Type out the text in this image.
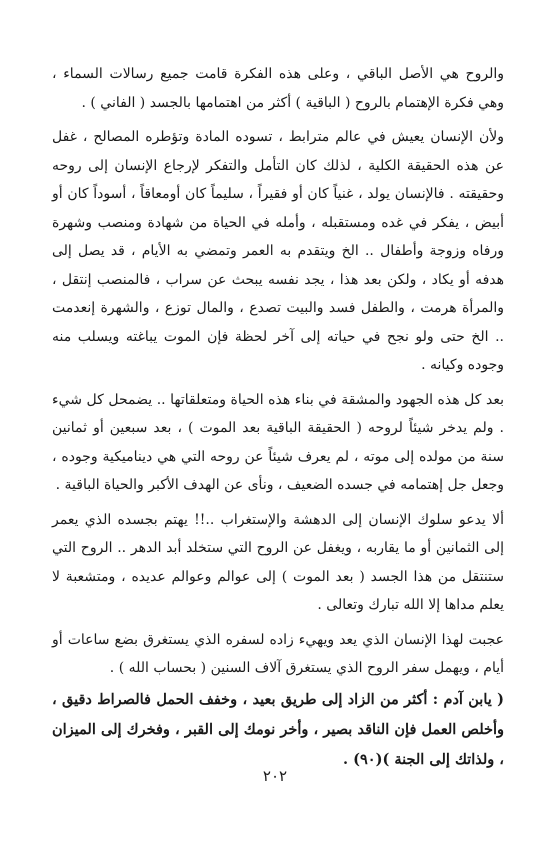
والروح هي الأصل الباقي ، وعلى هذه الفكرة قامت جميع رسالات السماء ، وهي فكرة الإهتمام بالروح ( الباقية ) أكثر من اهتمامها بالجسد ( الفاني ) .

ولأن الإنسان يعيش في عالم مترابط ، تسوده المادة وتؤطره المصالح ، غفل عن هذه الحقيقة الكلية ، لذلك كان التأمل والتفكر لإرجاع الإنسان إلى روحه وحقيقته . فالإنسان يولد ، غنياً كان أو فقيراً ، سليماً كان أومعاقاً ، أسوداً كان أو أبيض ، يفكر في غده ومستقبله ، وأمله في الحياة من شهادة ومنصب وشهرة ورفاه وزوجة وأطفال .. الخ ويتقدم به العمر وتمضي به الأيام ، قد يصل إلى هدفه أو يكاد ، ولكن بعد هذا ، يجد نفسه يبحث عن سراب ، فالمنصب إنتقل ، والمرأة هرمت ، والطفل فسد والبيت تصدع ، والمال توزع ، والشهرة إنعدمت .. الخ حتى ولو نجح في حياته إلى آخر لحظة فإن الموت يباغته ويسلب منه وجوده وكيانه .

بعد كل هذه الجهود والمشقة في بناء هذه الحياة ومتعلقاتها .. يضمحل كل شيء . ولم يدخر شيئاً لروحه ( الحقيقة الباقية بعد الموت ) ، بعد سبعين أو ثمانين سنة من مولده إلى موته ، لم يعرف شيئاً عن روحه التي هي ديناميكية وجوده ، وجعل جل إهتمامه في جسده الضعيف ، ونأى عن الهدف الأكبر والحياة الباقية .

ألا يدعو سلوك الإنسان إلى الدهشة والإستغراب ..!! يهتم بجسده الذي يعمر إلى الثمانين أو ما يقاربه ، ويغفل عن الروح التي ستخلد أبد الدهر .. الروح التي ستنتقل من هذا الجسد ( بعد الموت ) إلى عوالم وعوالم عديده ، ومتشعبة لا يعلم مداها إلا الله تبارك وتعالى .

عجبت لهذا الإنسان الذي يعد ويهيء زاده لسفره الذي يستغرق بضع ساعات أو أيام ، ويهمل سفر الروح الذي يستغرق آلاف السنين ( بحساب الله ) .

( يابن آدم : أكثر من الزاد إلى طريق بعيد ، وخفف الحمل فالصراط دقيق ، وأخلص العمل فإن الناقد بصير ، وأخر نومك إلى القبر ، وفخرك إلى الميزان ، ولذاتك إلى الجنة )(٩٠) .

٢٠٢
